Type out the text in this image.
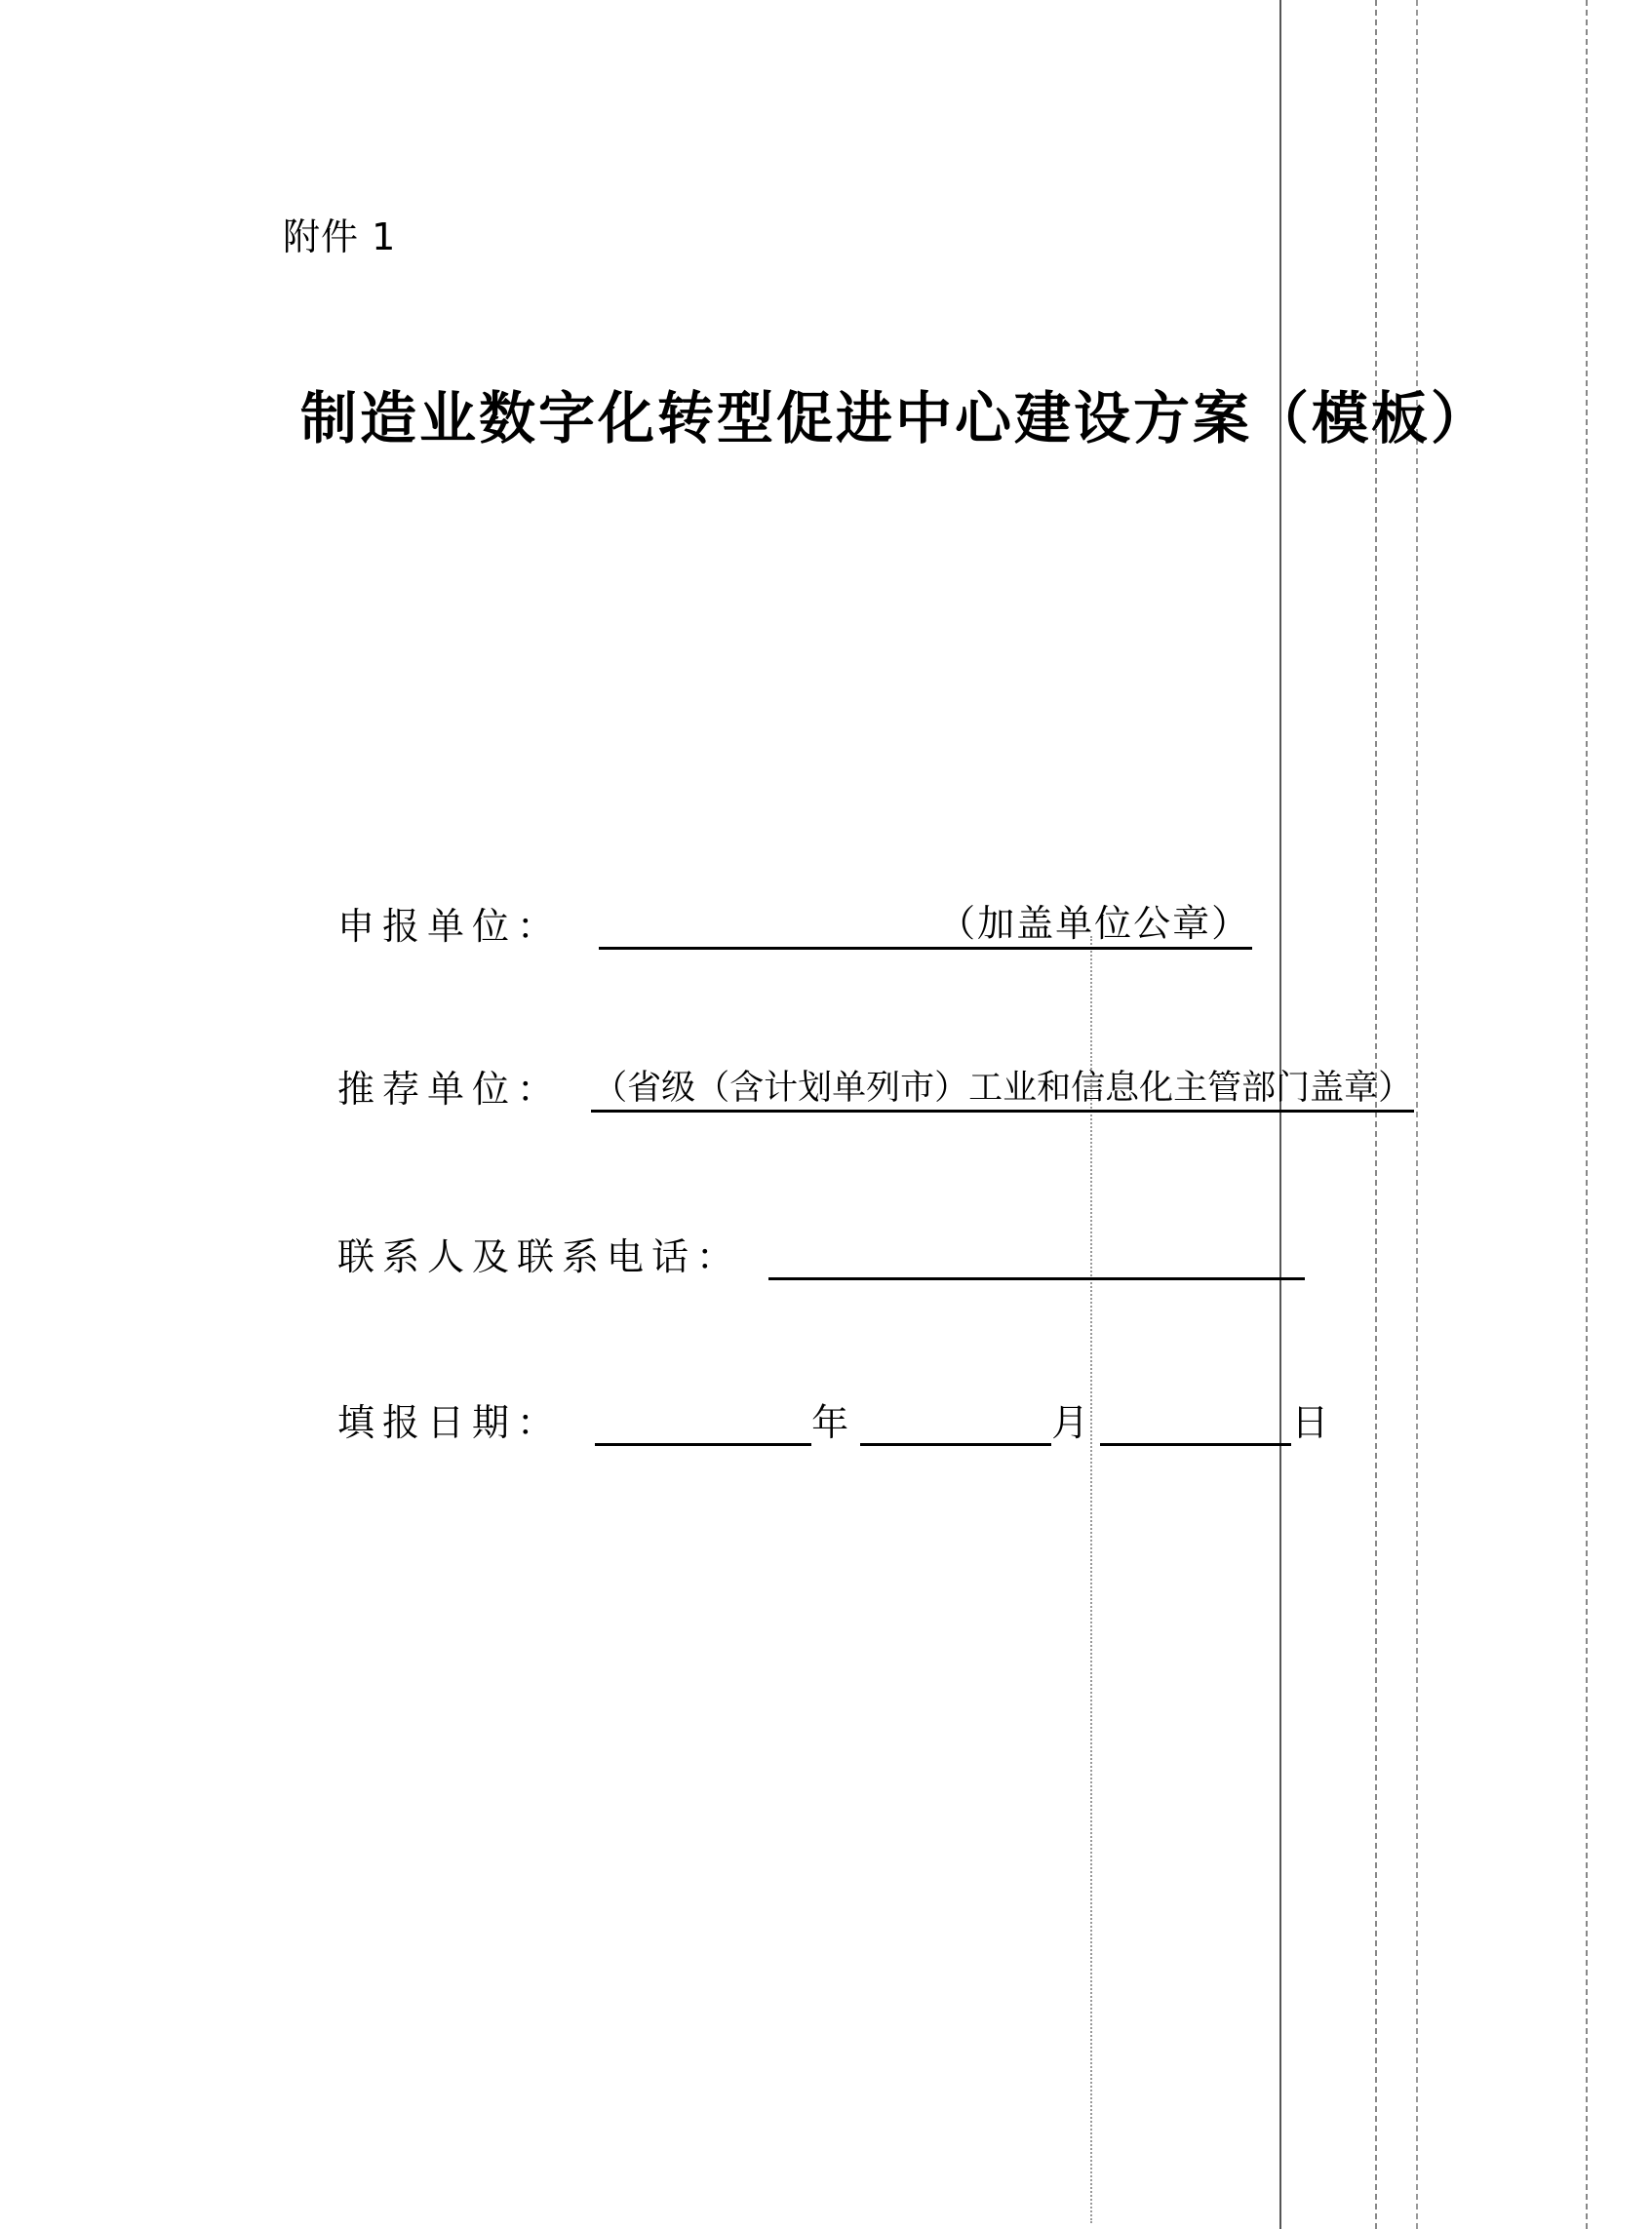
附件 1
制造业数字化转型促进中心建设方案（模板）
申报单位：	（加盖单位公章）
推荐单位： （省级（含计划单列市）工业和信息化主管部门盖章）
联系人及联系电话：
填报日期：	年	月	日
